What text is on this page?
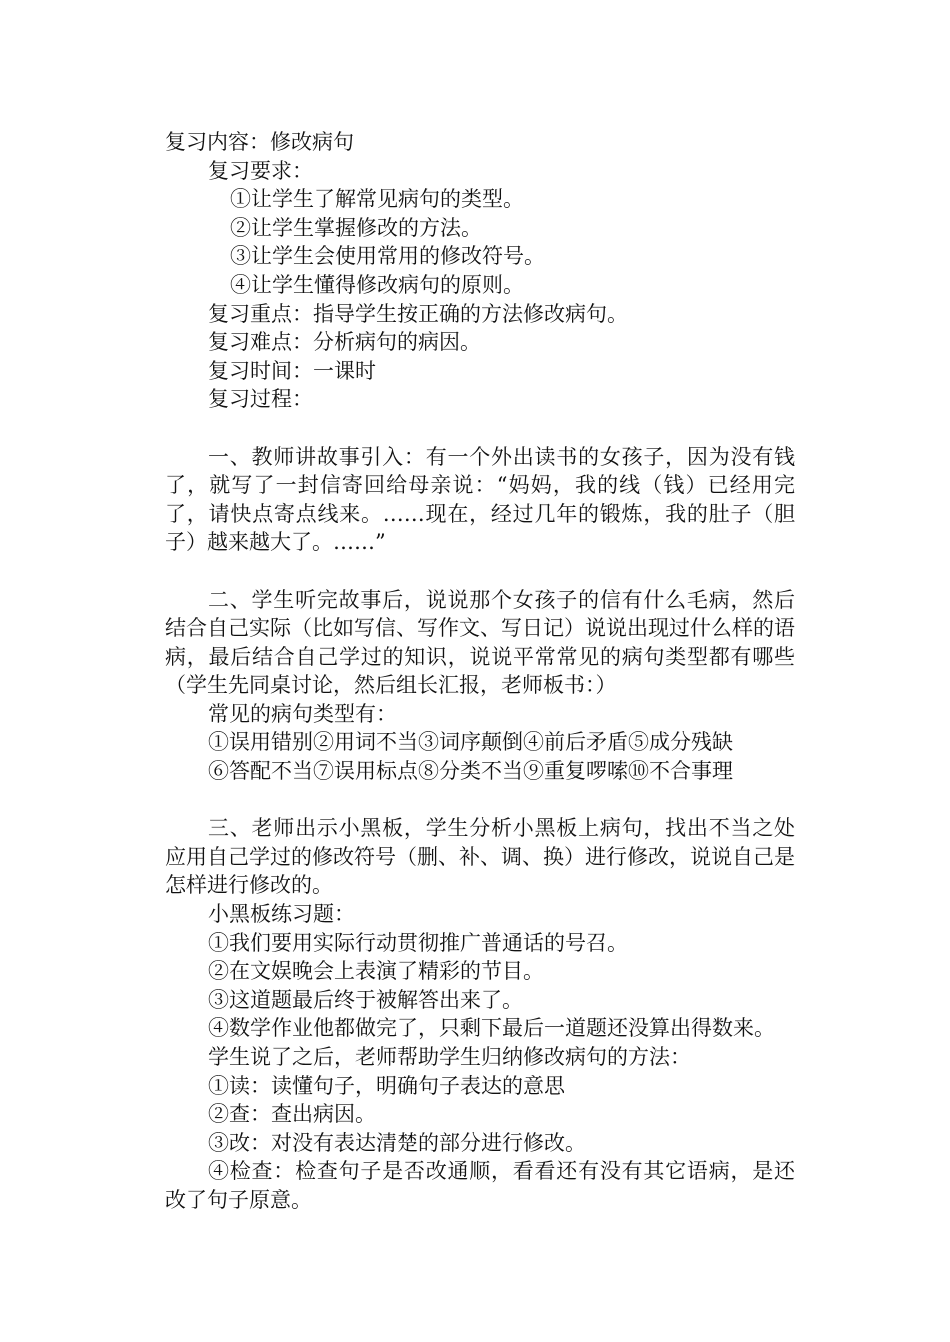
复习内容：修改病句
复习要求：
①让学生了解常见病句的类型。
②让学生掌握修改的方法。
③让学生会使用常用的修改符号。
④让学生懂得修改病句的原则。
复习重点：指导学生按正确的方法修改病句。
复习难点：分析病句的病因。
复习时间：一课时
复习过程：

一、教师讲故事引入：有一个外出读书的女孩子，因为没有钱了，就写了一封信寄回给母亲说：“妈妈，我的线（钱）已经用完了，请快点寄点线来。……现在，经过几年的锻炼，我的肚子（胆子）越来越大了。……”

二、学生听完故事后，说说那个女孩子的信有什么毛病，然后结合自己实际（比如写信、写作文、写日记）说说出现过什么样的语病，最后结合自己学过的知识，说说平常常见的病句类型都有哪些（学生先同桌讨论，然后组长汇报，老师板书：）

常见的病句类型有：
①误用错别②用词不当③词序颠倒④前后矛盾⑤成分残缺
⑥答配不当⑦误用标点⑧分类不当⑨重复啰嗦⑩不合事理

三、老师出示小黑板，学生分析小黑板上病句，找出不当之处应用自己学过的修改符号（删、补、调、换）进行修改，说说自己是怎样进行修改的。

小黑板练习题：
①我们要用实际行动贯彻推广普通话的号召。
②在文娱晚会上表演了精彩的节目。
③这道题最后终于被解答出来了。
④数学作业他都做完了，只剩下最后一道题还没算出得数来。
学生说了之后，老师帮助学生归纳修改病句的方法：
①读：读懂句子，明确句子表达的意思
②查：查出病因。
③改：对没有表达清楚的部分进行修改。

④检查：检查句子是否改通顺，看看还有没有其它语病，是还改了句子原意。
